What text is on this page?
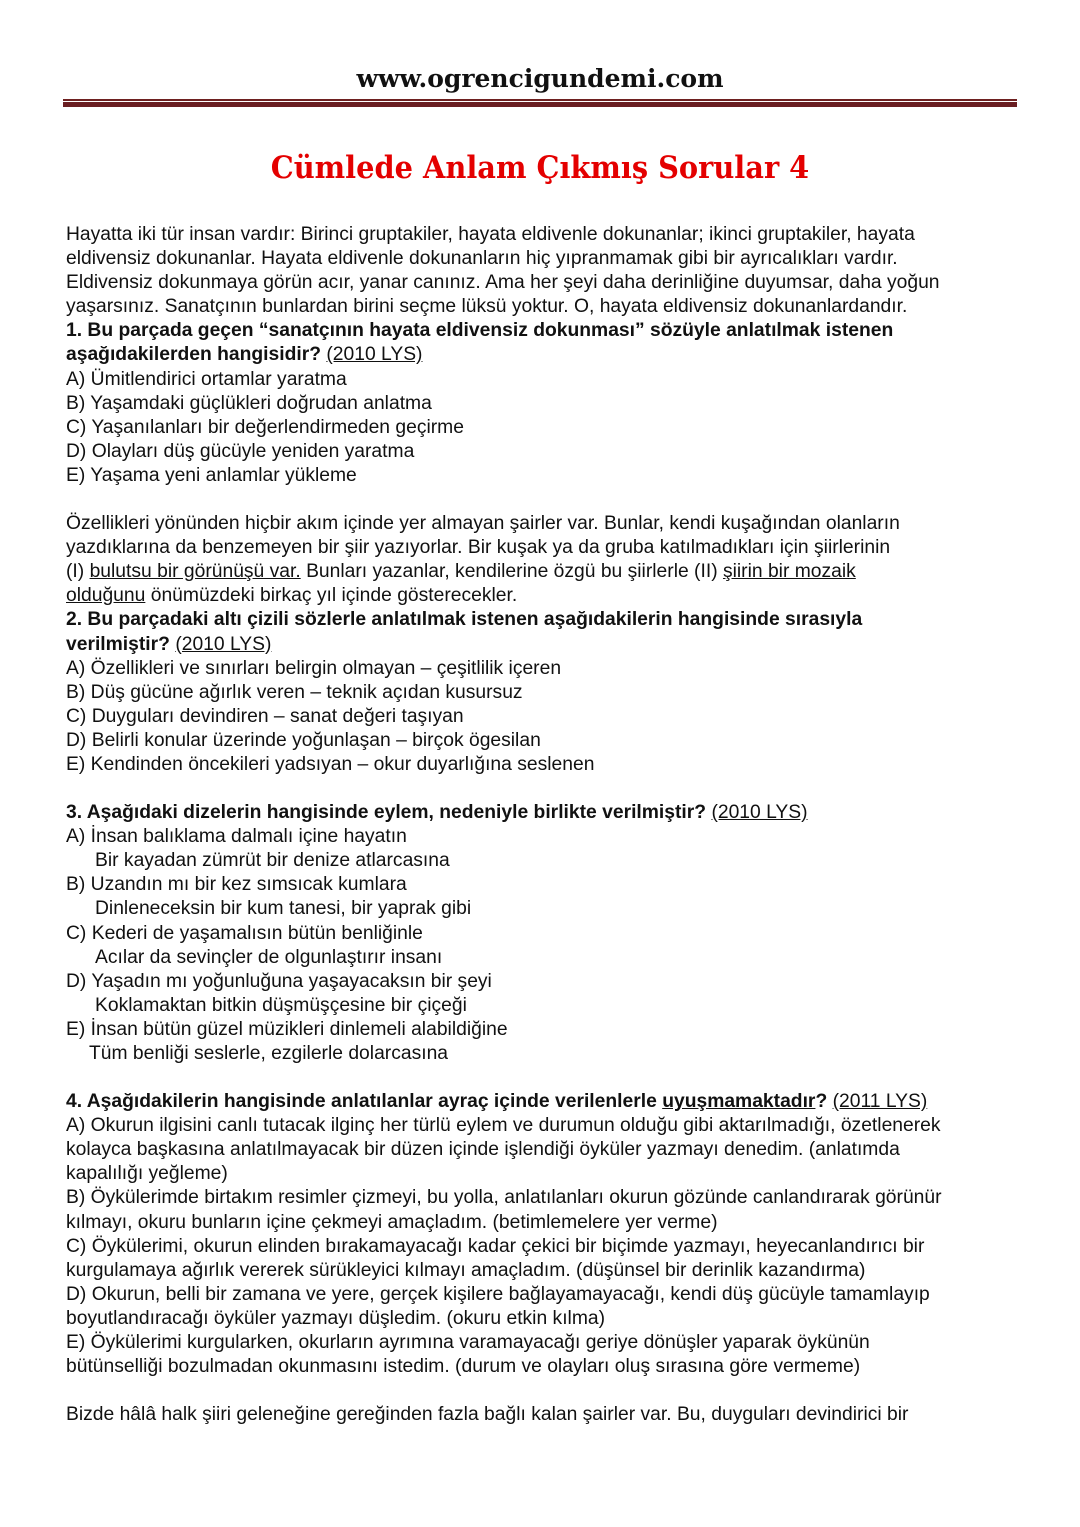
www.ogrencigundemi.com
Cümlede Anlam Çıkmış Sorular 4

Hayatta iki tür insan vardır: Birinci gruptakiler, hayata eldivenle dokunanlar; ikinci gruptakiler, hayata

eldivensiz dokunanlar. Hayata eldivenle dokunanların hiç yıpranmamak gibi bir ayrıcalıkları vardır.

Eldivensiz dokunmaya görün acır, yanar canınız. Ama her şeyi daha derinliğine duyumsar, daha yoğun

yaşarsınız. Sanatçının bunlardan birini seçme lüksü yoktur. O, hayata eldivensiz dokunanlardandır.

1. Bu parçada geçen “sanatçının hayata eldivensiz dokunması” sözüyle anlatılmak istenen

aşağıdakilerden hangisidir? (2010 LYS)

A) Ümitlendirici ortamlar yaratma

B) Yaşamdaki güçlükleri doğrudan anlatma

C) Yaşanılanları bir değerlendirmeden geçirme

D) Olayları düş gücüyle yeniden yaratma

E) Yaşama yeni anlamlar yükleme

Özellikleri yönünden hiçbir akım içinde yer almayan şairler var. Bunlar, kendi kuşağından olanların

yazdıklarına da benzemeyen bir şiir yazıyorlar. Bir kuşak ya da gruba katılmadıkları için şiirlerinin

(I) bulutsu bir görünüşü var. Bunları yazanlar, kendilerine özgü bu şiirlerle (II) şiirin bir mozaik

olduğunu önümüzdeki birkaç yıl içinde gösterecekler.

2. Bu parçadaki altı çizili sözlerle anlatılmak istenen aşağıdakilerin hangisinde sırasıyla

verilmiştir? (2010 LYS)

A) Özellikleri ve sınırları belirgin olmayan – çeşitlilik içeren

B) Düş gücüne ağırlık veren – teknik açıdan kusursuz

C) Duyguları devindiren – sanat değeri taşıyan

D) Belirli konular üzerinde yoğunlaşan – birçok ögesilan

E) Kendinden öncekileri yadsıyan – okur duyarlığına seslenen

3. Aşağıdaki dizelerin hangisinde eylem, nedeniyle birlikte verilmiştir? (2010 LYS)

A) İnsan balıklama dalmalı içine hayatın

Bir kayadan zümrüt bir denize atlarcasına

B) Uzandın mı bir kez sımsıcak kumlara

Dinleneceksin bir kum tanesi, bir yaprak gibi

C) Kederi de yaşamalısın bütün benliğinle

Acılar da sevinçler de olgunlaştırır insanı

D) Yaşadın mı yoğunluğuna yaşayacaksın bir şeyi

Koklamaktan bitkin düşmüşçesine bir çiçeği

E) İnsan bütün güzel müzikleri dinlemeli alabildiğine

Tüm benliği seslerle, ezgilerle dolarcasına

4. Aşağıdakilerin hangisinde anlatılanlar ayraç içinde verilenlerle uyuşmamaktadır? (2011 LYS)

A) Okurun ilgisini canlı tutacak ilginç her türlü eylem ve durumun olduğu gibi aktarılmadığı, özetlenerek

kolayca başkasına anlatılmayacak bir düzen içinde işlendiği öyküler yazmayı denedim. (anlatımda

kapalılığı yeğleme)

B) Öykülerimde birtakım resimler çizmeyi, bu yolla, anlatılanları okurun gözünde canlandırarak görünür

kılmayı, okuru bunların içine çekmeyi amaçladım. (betimlemelere yer verme)

C) Öykülerimi, okurun elinden bırakamayacağı kadar çekici bir biçimde yazmayı, heyecanlandırıcı bir

kurgulamaya ağırlık vererek sürükleyici kılmayı amaçladım. (düşünsel bir derinlik kazandırma)

D) Okurun, belli bir zamana ve yere, gerçek kişilere bağlayamayacağı, kendi düş gücüyle tamamlayıp

boyutlandıracağı öyküler yazmayı düşledim. (okuru etkin kılma)

E) Öykülerimi kurgularken, okurların ayrımına varamayacağı geriye dönüşler yaparak öykünün

bütünselliği bozulmadan okunmasını istedim. (durum ve olayları oluş sırasına göre vermeme)

Bizde hâlâ halk şiiri geleneğine gereğinden fazla bağlı kalan şairler var. Bu, duyguları devindirici bir
